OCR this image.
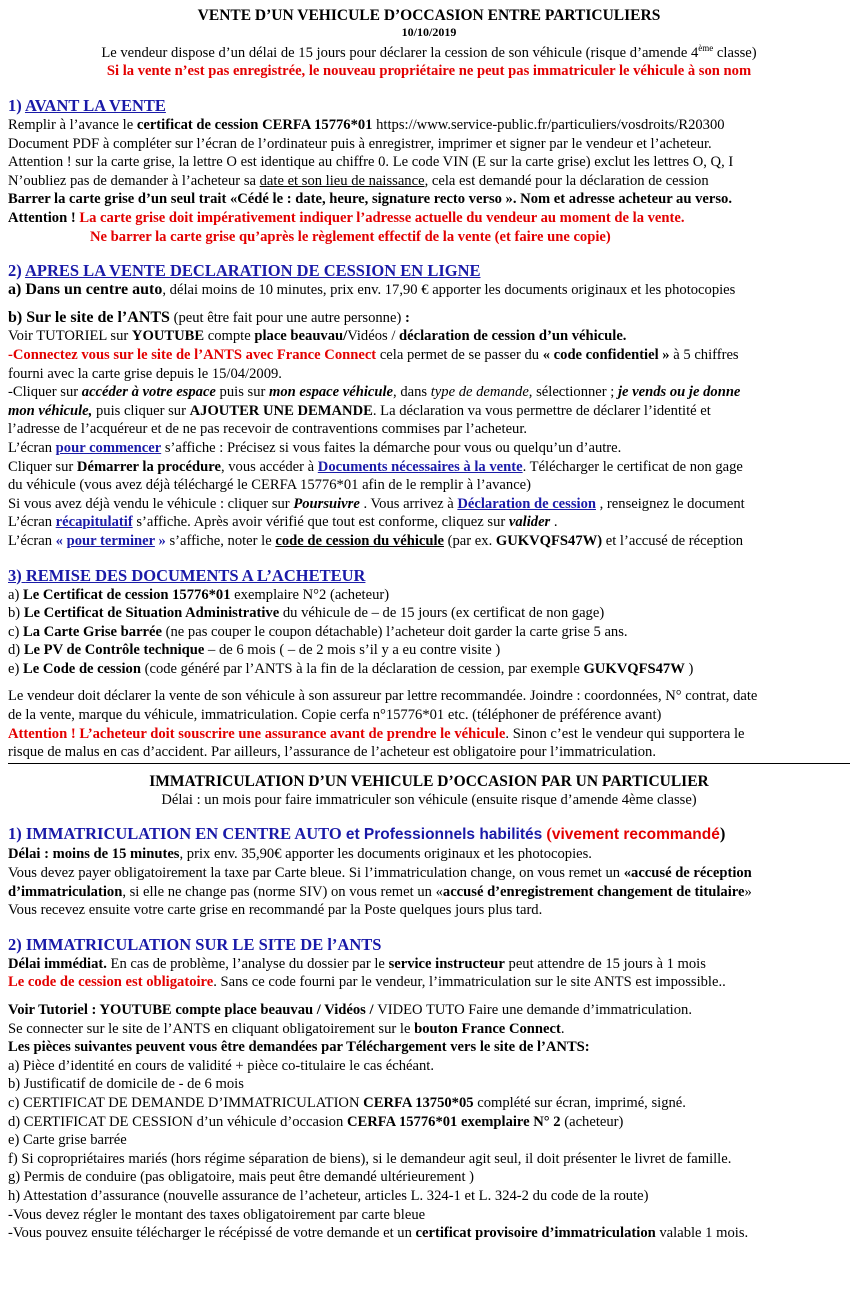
VENTE D’UN VEHICULE D’OCCASION ENTRE PARTICULIERS
10/10/2019
Le vendeur dispose d’un délai de 15 jours pour déclarer la cession de son véhicule (risque d’amende 4ème classe)
Si la vente n’est pas enregistrée, le nouveau propriétaire ne peut pas immatriculer le véhicule à son nom
1) AVANT LA VENTE
Remplir à l’avance le certificat de cession CERFA 15776*01 https://www.service-public.fr/particuliers/vosdroits/R20300
Document PDF à compléter sur l’écran de l’ordinateur puis à enregistrer, imprimer et signer par le vendeur et l’acheteur.
Attention ! sur la carte grise, la lettre O est identique au chiffre 0. Le code VIN (E sur la carte grise) exclut les lettres O, Q, I
N’oubliez pas de demander à l’acheteur sa date et son lieu de naissance, cela est demandé pour la déclaration de cession
Barrer la carte grise d’un seul trait «Cédé le : date, heure, signature recto verso ». Nom et adresse acheteur au verso.
Attention ! La carte grise doit impérativement indiquer l’adresse actuelle du vendeur au moment de la vente.
Ne barrer la carte grise qu’après le règlement effectif de la vente (et faire une copie)
2) APRES LA VENTE DECLARATION DE CESSION EN LIGNE
a) Dans un centre auto, délai moins de 10 minutes, prix env. 17,90 € apporter les documents originaux et les photocopies
b) Sur le site de l’ANTS (peut être fait pour une autre personne) :
Voir TUTORIEL sur YOUTUBE compte place beauvau/Vidéos / déclaration de cession d’un véhicule.
-Connectez vous sur le site de l’ANTS avec France Connect cela permet de se passer du « code confidentiel » à 5 chiffres
fourni avec la carte grise depuis le 15/04/2009.
-Cliquer sur accéder à votre espace puis sur mon espace véhicule, dans type de demande, sélectionner ; je vends ou je donne
mon véhicule, puis cliquer sur AJOUTER UNE DEMANDE. La déclaration va vous permettre de déclarer l’identité et
l’adresse de l’acquéreur et de ne pas recevoir de contraventions commises par l’acheteur.
L’écran pour commencer s’affiche : Précisez si vous faites la démarche pour vous ou quelqu’un d’autre.
Cliquer sur Démarrer la procédure, vous accéder à Documents nécessaires à la vente. Télécharger le certificat de non gage
du véhicule (vous avez déjà téléchargé le CERFA 15776*01 afin de le remplir à l’avance)
Si vous avez déjà vendu le véhicule : cliquer sur Poursuivre . Vous arrivez à Déclaration de cession , renseignez le document
L’écran récapitulatif s’affiche. Après avoir vérifié que tout est conforme, cliquez sur valider .
L’écran « pour terminer » s’affiche, noter le code de cession du véhicule (par ex. GUKVQFS47W) et l’accusé de réception
3) REMISE DES DOCUMENTS A L’ACHETEUR
a) Le Certificat de cession 15776*01 exemplaire N°2 (acheteur)
b) Le Certificat de Situation Administrative du véhicule de – de 15 jours (ex certificat de non gage)
c) La Carte Grise barrée (ne pas couper le coupon détachable) l’acheteur doit garder la carte grise 5 ans.
d) Le PV de Contrôle technique – de 6 mois ( – de 2 mois s’il y a eu contre visite )
e) Le Code de cession (code généré par l’ANTS à la fin de la déclaration de cession, par exemple GUKVQFS47W )
Le vendeur doit déclarer la vente de son véhicule à son assureur par lettre recommandée. Joindre : coordonnées, N° contrat, date
de la vente, marque du véhicule, immatriculation. Copie cerfa n°15776*01 etc. (téléphoner de préférence avant)
Attention ! L’acheteur doit souscrire une assurance avant de prendre le véhicule. Sinon c’est le vendeur qui supportera le
risque de malus en cas d’accident. Par ailleurs, l’assurance de l’acheteur est obligatoire pour l’immatriculation.
IMMATRICULATION D’UN VEHICULE D’OCCASION PAR UN PARTICULIER
Délai : un mois pour faire immatriculer son véhicule (ensuite risque d’amende 4ème classe)
1) IMMATRICULATION EN CENTRE AUTO et Professionnels habilités (vivement recommandé)
Délai : moins de 15 minutes, prix env. 35,90€ apporter les documents originaux et les photocopies.
Vous devez payer obligatoirement la taxe par Carte bleue. Si l’immatriculation change, on vous remet un «accusé de réception
d’immatriculation, si elle ne change pas (norme SIV) on vous remet un «accusé d’enregistrement changement de titulaire»
Vous recevez ensuite votre carte grise en recommandé par la Poste quelques jours plus tard.
2) IMMATRICULATION SUR LE SITE DE l’ANTS
Délai immédiat. En cas de problème, l’analyse du dossier par le service instructeur peut attendre de 15 jours à 1 mois
Le code de cession est obligatoire. Sans ce code fourni par le vendeur, l’immatriculation sur le site ANTS est impossible..
Voir Tutoriel : YOUTUBE compte place beauvau / Vidéos / VIDEO TUTO Faire une demande d’immatriculation.
Se connecter sur le site de l’ANTS en cliquant obligatoirement sur le bouton France Connect.
Les pièces suivantes peuvent vous être demandées par Téléchargement vers le site de l’ANTS:
a) Pièce d’identité en cours de validité + pièce co-titulaire le cas échéant.
b) Justificatif de domicile de - de 6 mois
c) CERTIFICAT DE DEMANDE D’IMMATRICULATION CERFA 13750*05 complété sur écran, imprimé, signé.
d) CERTIFICAT DE CESSION d’un véhicule d’occasion CERFA 15776*01 exemplaire N° 2 (acheteur)
e) Carte grise barrée
f) Si copropriétaires mariés (hors régime séparation de biens), si le demandeur agit seul, il doit présenter le livret de famille.
g) Permis de conduire (pas obligatoire, mais peut être demandé ultérieurement )
h) Attestation d’assurance (nouvelle assurance de l’acheteur, articles L. 324-1 et L. 324-2 du code de la route)
-Vous devez régler le montant des taxes obligatoirement par carte bleue
-Vous pouvez ensuite télécharger le récépissé de votre demande et un certificat provisoire d’immatriculation valable 1 mois.
